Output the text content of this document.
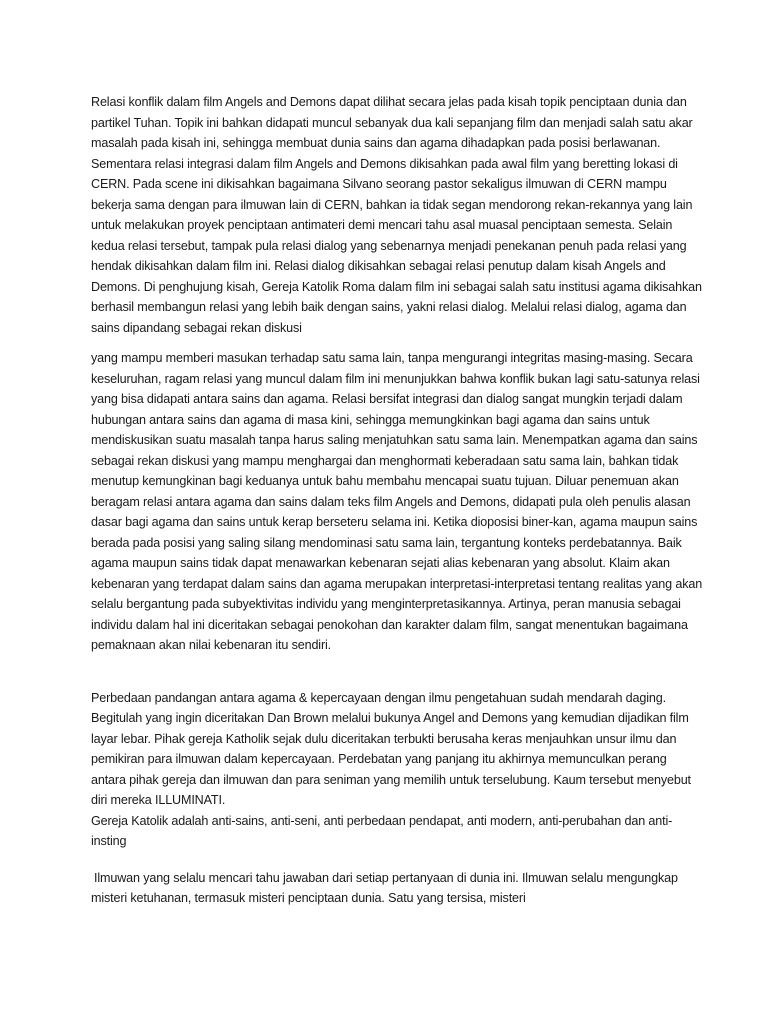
Relasi konflik dalam film Angels and Demons dapat dilihat secara jelas pada kisah topik penciptaan dunia dan partikel Tuhan. Topik ini bahkan didapati muncul sebanyak dua kali sepanjang film dan menjadi salah satu akar masalah pada kisah ini, sehingga membuat dunia sains dan agama dihadapkan pada posisi berlawanan. Sementara relasi integrasi dalam film Angels and Demons dikisahkan pada awal film yang beretting lokasi di CERN. Pada scene ini dikisahkan bagaimana Silvano seorang pastor sekaligus ilmuwan di CERN mampu bekerja sama dengan para ilmuwan lain di CERN, bahkan ia tidak segan mendorong rekan-rekannya yang lain untuk melakukan proyek penciptaan antimateri demi mencari tahu asal muasal penciptaan semesta. Selain kedua relasi tersebut, tampak pula relasi dialog yang sebenarnya menjadi penekanan penuh pada relasi yang hendak dikisahkan dalam film ini. Relasi dialog dikisahkan sebagai relasi penutup dalam kisah Angels and Demons. Di penghujung kisah, Gereja Katolik Roma dalam film ini sebagai salah satu institusi agama dikisahkan berhasil membangun relasi yang lebih baik dengan sains, yakni relasi dialog. Melalui relasi dialog, agama dan sains dipandang sebagai rekan diskusi

yang mampu memberi masukan terhadap satu sama lain, tanpa mengurangi integritas masing-masing. Secara keseluruhan, ragam relasi yang muncul dalam film ini menunjukkan bahwa konflik bukan lagi satu-satunya relasi yang bisa didapati antara sains dan agama. Relasi bersifat integrasi dan dialog sangat mungkin terjadi dalam hubungan antara sains dan agama di masa kini, sehingga memungkinkan bagi agama dan sains untuk mendiskusikan suatu masalah tanpa harus saling menjatuhkan satu sama lain. Menempatkan agama dan sains sebagai rekan diskusi yang mampu menghargai dan menghormati keberadaan satu sama lain, bahkan tidak menutup kemungkinan bagi keduanya untuk bahu membahu mencapai suatu tujuan. Diluar penemuan akan beragam relasi antara agama dan sains dalam teks film Angels and Demons, didapati pula oleh penulis alasan dasar bagi agama dan sains untuk kerap berseteru selama ini. Ketika dioposisi biner-kan, agama maupun sains berada pada posisi yang saling silang mendominasi satu sama lain, tergantung konteks perdebatannya. Baik agama maupun sains tidak dapat menawarkan kebenaran sejati alias kebenaran yang absolut. Klaim akan kebenaran yang terdapat dalam sains dan agama merupakan interpretasi-interpretasi tentang realitas yang akan selalu bergantung pada subyektivitas individu yang menginterpretasikannya. Artinya, peran manusia sebagai individu dalam hal ini diceritakan sebagai penokohan dan karakter dalam film, sangat menentukan bagaimana pemaknaan akan nilai kebenaran itu sendiri.

Perbedaan pandangan antara agama & kepercayaan dengan ilmu pengetahuan sudah mendarah daging. Begitulah yang ingin diceritakan Dan Brown melalui bukunya Angel and Demons yang kemudian dijadikan film layar lebar. Pihak gereja Katholik sejak dulu diceritakan terbukti berusaha keras menjauhkan unsur ilmu dan pemikiran para ilmuwan dalam kepercayaan. Perdebatan yang panjang itu akhirnya memunculkan perang antara pihak gereja dan ilmuwan dan para seniman yang memilih untuk terselubung. Kaum tersebut menyebut diri mereka ILLUMINATI.

Gereja Katolik adalah anti-sains, anti-seni, anti perbedaan pendapat, anti modern, anti-perubahan dan anti-insting

Ilmuwan yang selalu mencari tahu jawaban dari setiap pertanyaan di dunia ini. Ilmuwan selalu mengungkap misteri ketuhanan, termasuk misteri penciptaan dunia. Satu yang tersisa, misteri
